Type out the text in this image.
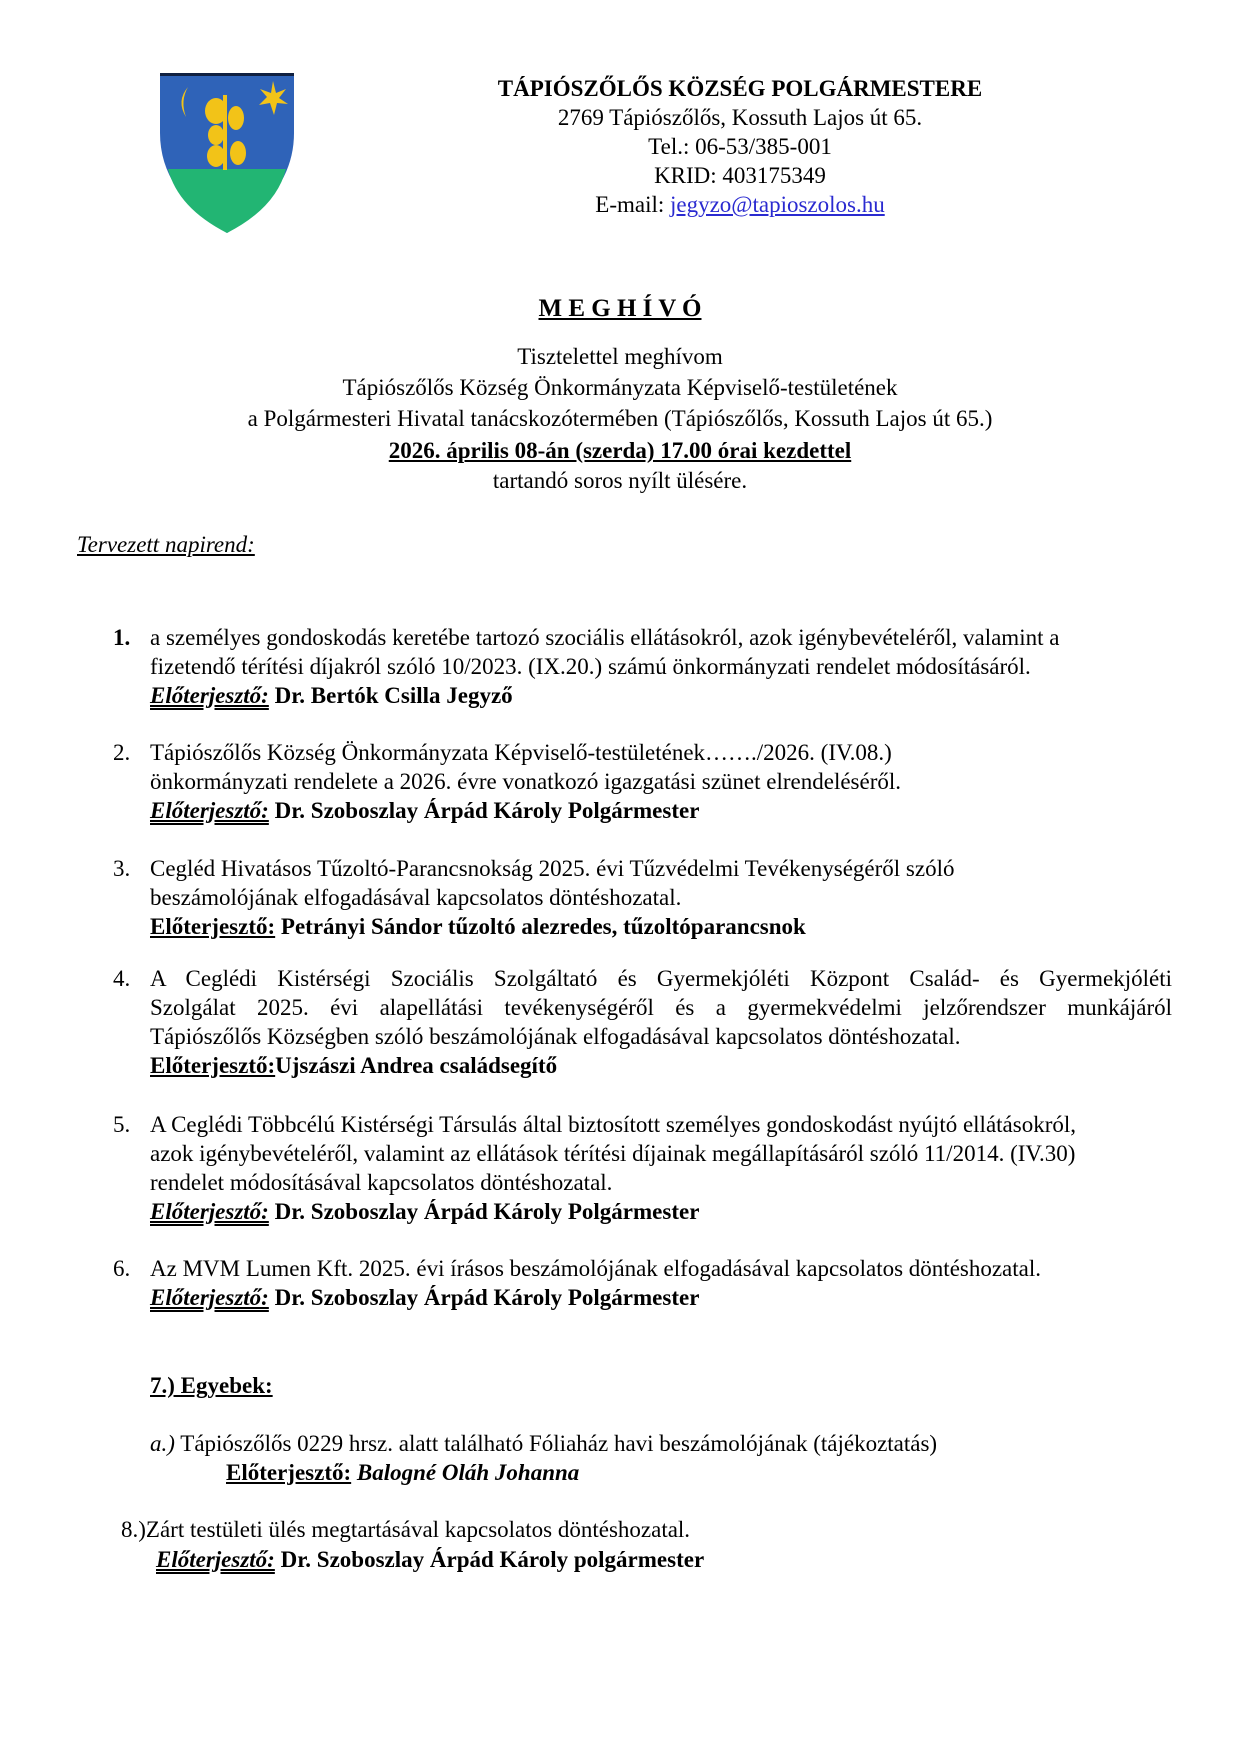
TÁPIÓSZŐLŐS KÖZSÉG POLGÁRMESTERE
2769 Tápiószőlős, Kossuth Lajos út 65.
Tel.: 06-53/385-001
KRID: 403175349
E-mail: jegyzo@tapioszolos.hu
M E G H Í V Ó
Tisztelettel meghívom
Tápiószőlős Község Önkormányzata Képviselő-testületének
a Polgármesteri Hivatal tanácskozótermében (Tápiószőlős, Kossuth Lajos út 65.)
2026. április 08-án (szerda) 17.00 órai kezdettel
tartandó soros nyílt ülésére.
Tervezett napirend:
1. a személyes gondoskodás keretébe tartozó szociális ellátásokról, azok igénybevételéről, valamint a
fizetendő térítési díjakról szóló 10/2023. (IX.20.) számú önkormányzati rendelet módosításáról.
Előterjesztő: Dr. Bertók Csilla Jegyző
2. Tápiószőlős Község Önkormányzata Képviselő-testületének……./2026. (IV.08.)
önkormányzati rendelete a 2026. évre vonatkozó igazgatási szünet elrendeléséről.
Előterjesztő: Dr. Szoboszlay Árpád Károly Polgármester
3. Cegléd Hivatásos Tűzoltó-Parancsnokság 2025. évi Tűzvédelmi Tevékenységéről szóló
beszámolójának elfogadásával kapcsolatos döntéshozatal.
Előterjesztő: Petrányi Sándor tűzoltó alezredes, tűzoltóparancsnok
4. A Ceglédi Kistérségi Szociális Szolgáltató és Gyermekjóléti Központ Család- és Gyermekjóléti
Szolgálat 2025. évi alapellátási tevékenységéről és a gyermekvédelmi jelzőrendszer munkájáról
Tápiószőlős Községben szóló beszámolójának elfogadásával kapcsolatos döntéshozatal.
Előterjesztő:Ujszászi Andrea családsegítő
5. A Ceglédi Többcélú Kistérségi Társulás által biztosított személyes gondoskodást nyújtó ellátásokról,
azok igénybevételéről, valamint az ellátások térítési díjainak megállapításáról szóló 11/2014. (IV.30)
rendelet módosításával kapcsolatos döntéshozatal.
Előterjesztő: Dr. Szoboszlay Árpád Károly Polgármester
6. Az MVM Lumen Kft. 2025. évi írásos beszámolójának elfogadásával kapcsolatos döntéshozatal.
Előterjesztő: Dr. Szoboszlay Árpád Károly Polgármester
7.) Egyebek:
a.) Tápiószőlős 0229 hrsz. alatt található Fóliaház havi beszámolójának (tájékoztatás)
Előterjesztő: Balogné Oláh Johanna
8.)Zárt testületi ülés megtartásával kapcsolatos döntéshozatal.
Előterjesztő: Dr. Szoboszlay Árpád Károly polgármester
